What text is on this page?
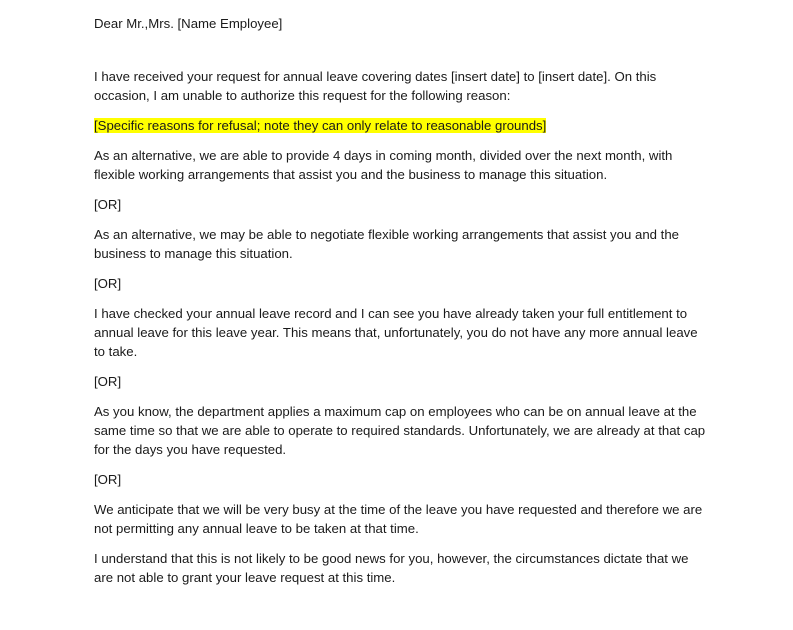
Dear Mr.,Mrs. [Name Employee]

I have received your request for annual leave covering dates [insert date] to [insert date]. On this occasion, I am unable to authorize this request for the following reason:

[Specific reasons for refusal; note they can only relate to reasonable grounds]

As an alternative, we are able to provide 4 days in coming month, divided over the next month, with flexible working arrangements that assist you and the business to manage this situation.

[OR]

As an alternative, we may be able to negotiate flexible working arrangements that assist you and the business to manage this situation.

[OR]

I have checked your annual leave record and I can see you have already taken your full entitlement to annual leave for this leave year. This means that, unfortunately, you do not have any more annual leave to take.

[OR]

As you know, the department applies a maximum cap on employees who can be on annual leave at the same time so that we are able to operate to required standards. Unfortunately, we are already at that cap for the days you have requested.

[OR]

We anticipate that we will be very busy at the time of the leave you have requested and therefore we are not permitting any annual leave to be taken at that time.

I understand that this is not likely to be good news for you, however, the circumstances dictate that we are not able to grant your leave request at this time.
